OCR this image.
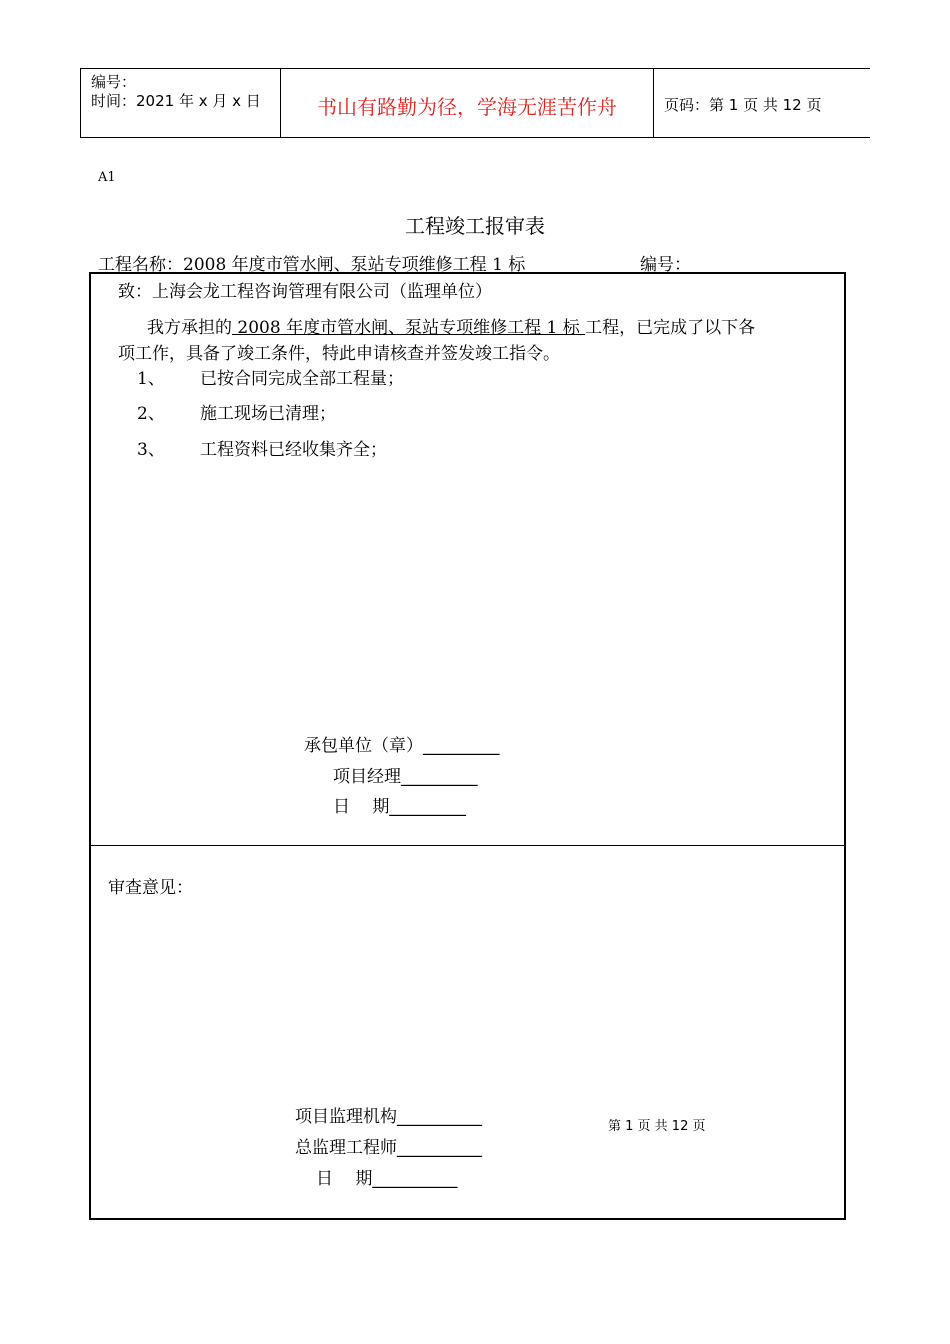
编号：
时间：2021 年 x 月 x 日	书山有路勤为径，学海无涯苦作舟	页码：第 1 页 共 12 页
A1
工程竣工报审表
工程名称：2008 年度市管水闸、泵站专项维修工程 1 标	编号：
致：上海会龙工程咨询管理有限公司（监理单位）
我方承担的 2008 年度市管水闸、泵站专项维修工程 1 标 工程，已完成了以下各
项工作，具备了竣工条件，特此申请核查并签发竣工指令。
1、 已按合同完成全部工程量；
2、 施工现场已清理；
3、 工程资料已经收集齐全；
承包单位（章）_________
项目经理_________
日　 期_________
审查意见：
项目监理机构__________
总监理工程师__________
日　 期__________
第 1 页 共 12 页
